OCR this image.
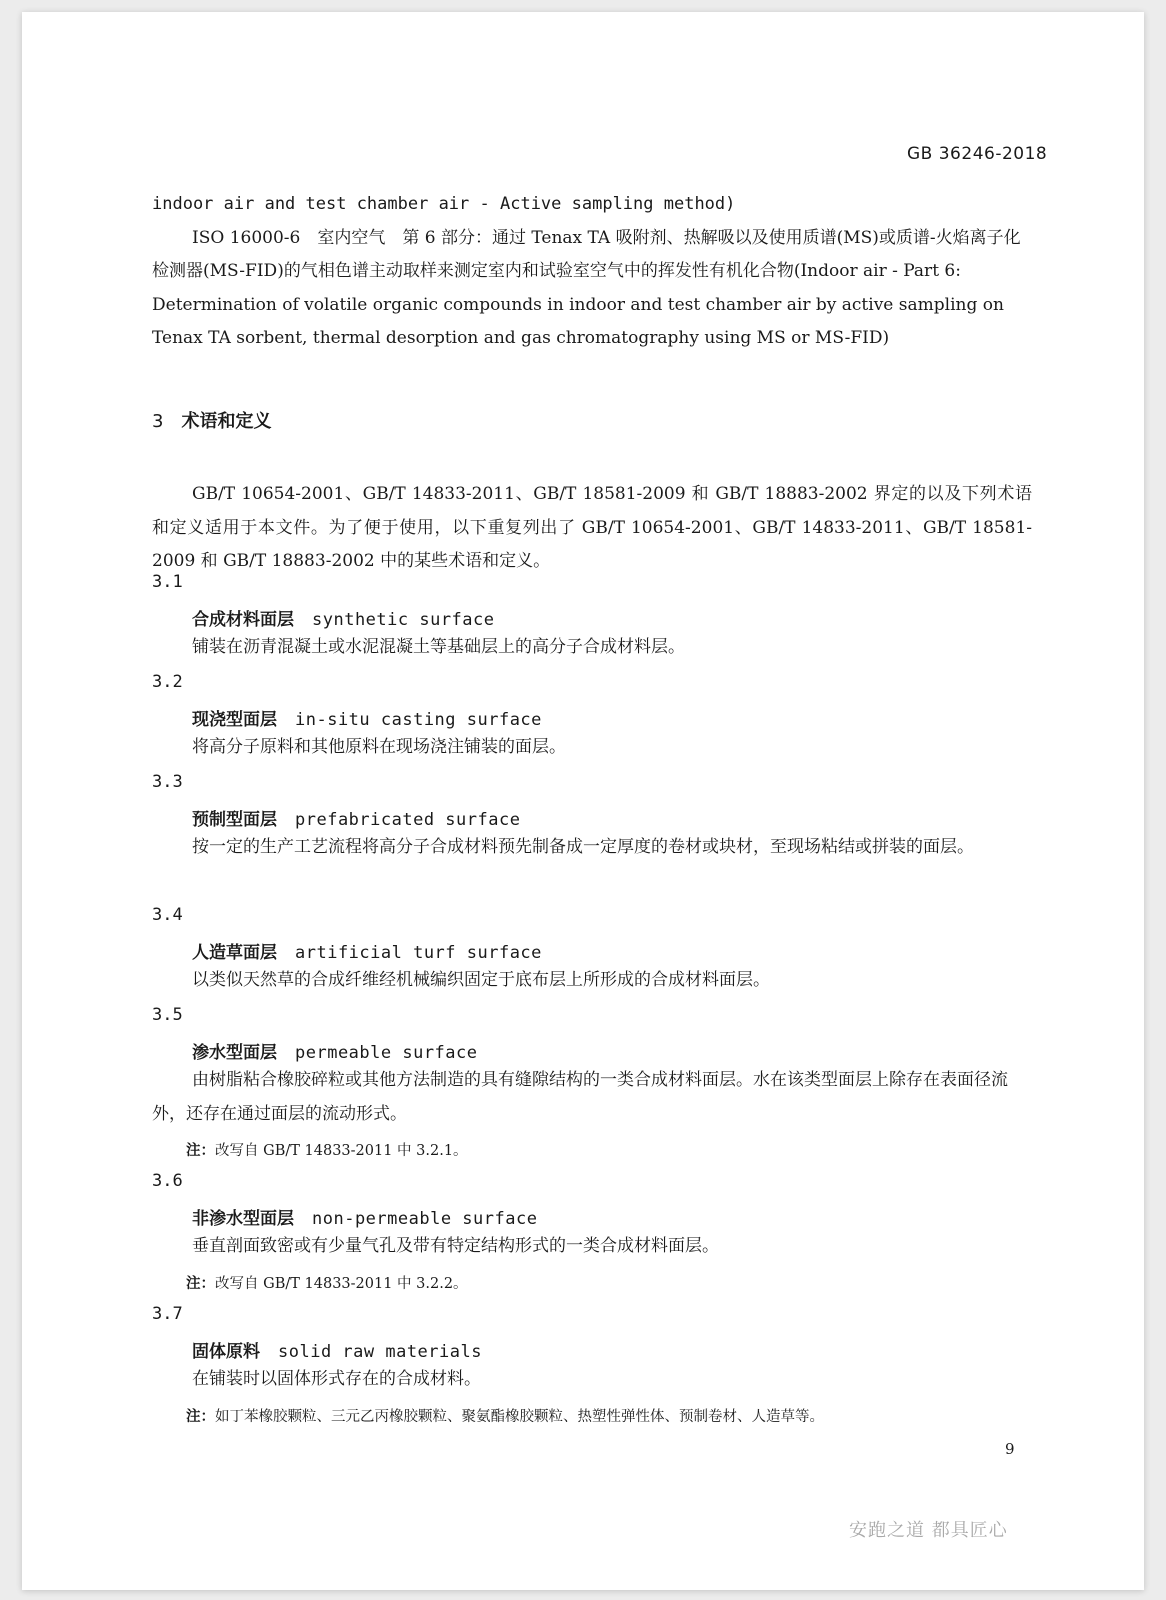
GB 36246-2018

indoor air and test chamber air - Active sampling method)

ISO 16000-6　室内空气　第 6 部分：通过 Tenax TA 吸附剂、热解吸以及使用质谱(MS)或质谱-火焰离子化检测器(MS-FID)的气相色谱主动取样来测定室内和试验室空气中的挥发性有机化合物(Indoor air - Part 6: Determination of volatile organic compounds in indoor and test chamber air by active sampling on Tenax TA sorbent, thermal desorption and gas chromatography using MS or MS-FID)

3 术语和定义

GB/T 10654-2001、GB/T 14833-2011、GB/T 18581-2009 和 GB/T 18883-2002 界定的以及下列术语和定义适用于本文件。为了便于使用，以下重复列出了 GB/T 10654-2001、GB/T 14833-2011、GB/T 18581-2009 和 GB/T 18883-2002 中的某些术语和定义。

3.1
合成材料面层 synthetic surface

铺装在沥青混凝土或水泥混凝土等基础层上的高分子合成材料层。

3.2
现浇型面层 in-situ casting surface

将高分子原料和其他原料在现场浇注铺装的面层。

3.3
预制型面层 prefabricated surface

按一定的生产工艺流程将高分子合成材料预先制备成一定厚度的卷材或块材，至现场粘结或拼装的面层。

3.4
人造草面层 artificial turf surface

以类似天然草的合成纤维经机械编织固定于底布层上所形成的合成材料面层。

3.5
渗水型面层 permeable surface

由树脂粘合橡胶碎粒或其他方法制造的具有缝隙结构的一类合成材料面层。水在该类型面层上除存在表面径流外，还存在通过面层的流动形式。

注：改写自 GB/T 14833-2011 中 3.2.1。
3.6
非渗水型面层 non-permeable surface

垂直剖面致密或有少量气孔及带有特定结构形式的一类合成材料面层。

注：改写自 GB/T 14833-2011 中 3.2.2。
3.7
固体原料 solid raw materials

在铺装时以固体形式存在的合成材料。

注：如丁苯橡胶颗粒、三元乙丙橡胶颗粒、聚氨酯橡胶颗粒、热塑性弹性体、预制卷材、人造草等。
9
安跑之道 都具匠心
